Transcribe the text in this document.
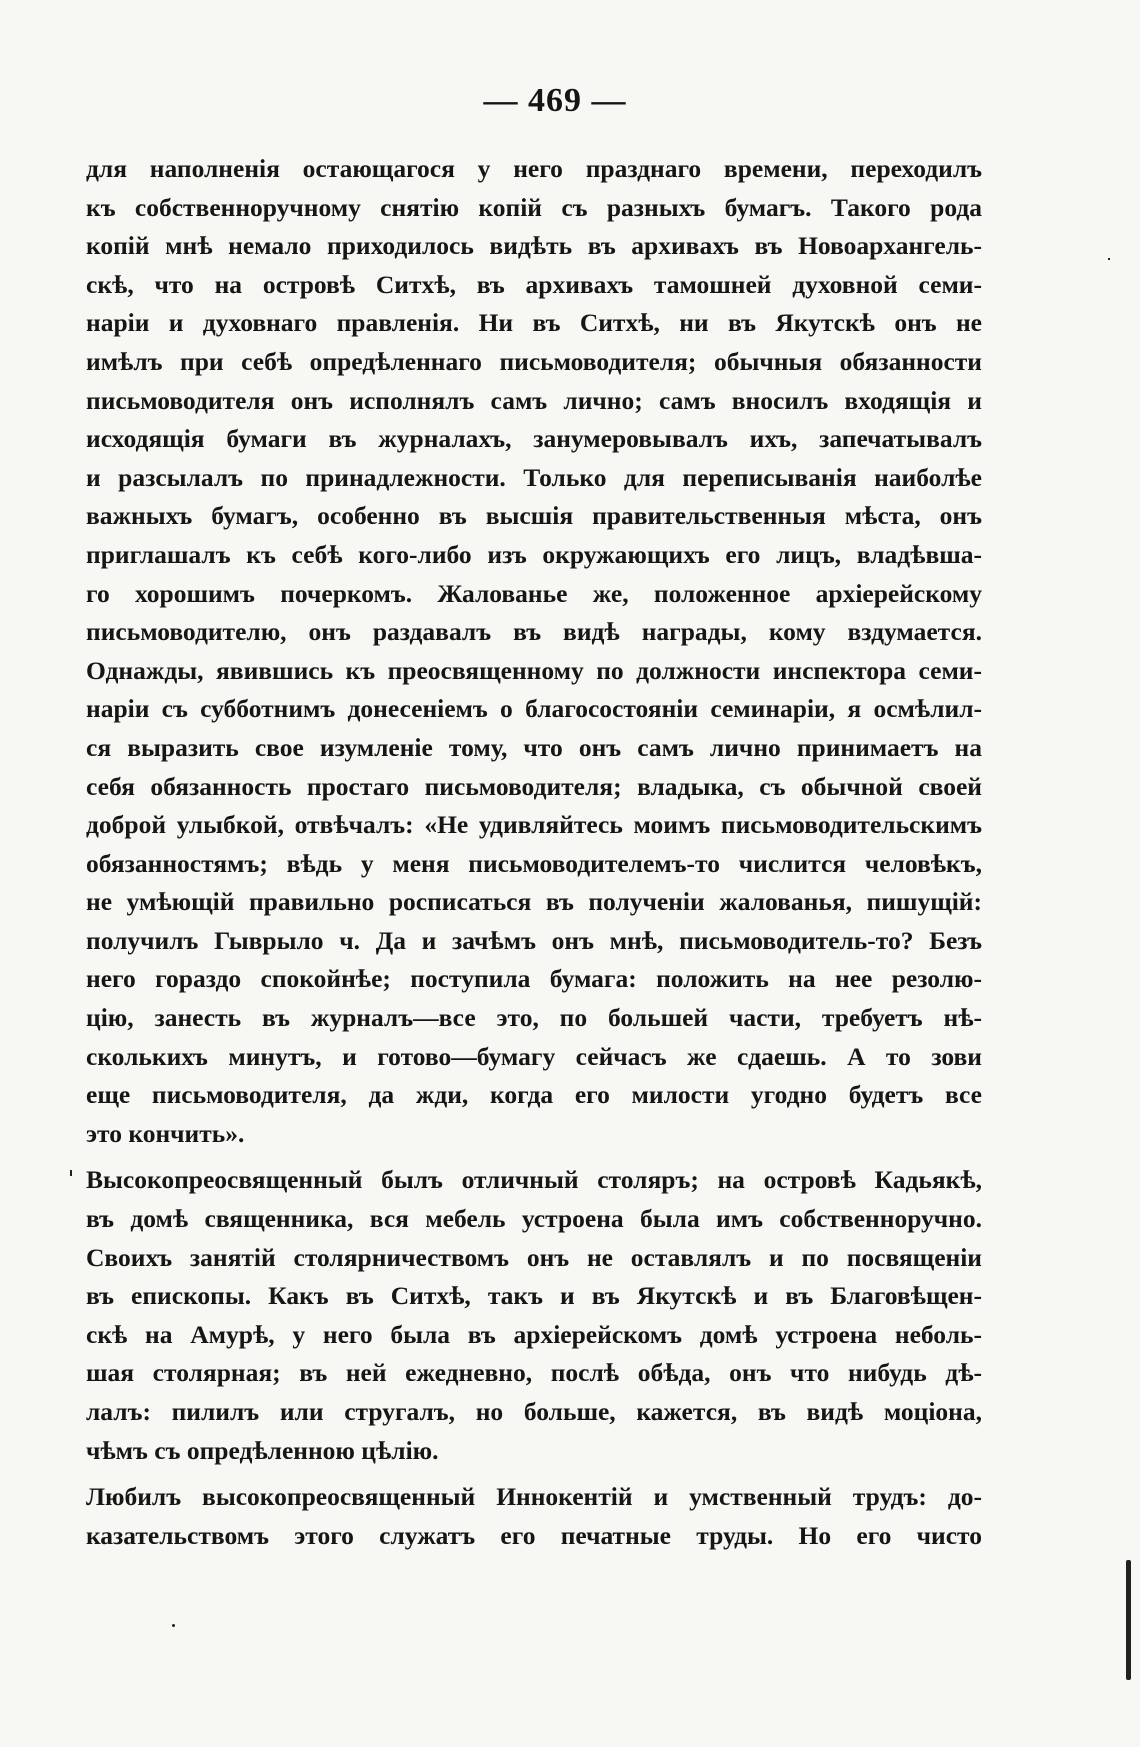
— 469 —
для наполненія остающагося у него празднаго времени, переходилъ
къ собственноручному снятію копій съ разныхъ бумагъ. Такого рода
копій мнѣ немало приходилось видѣть въ архивахъ въ Новоархангель-
скѣ, что на островѣ Ситхѣ, въ архивахъ тамошней духовной семи-
наріи и духовнаго правленія. Ни въ Ситхѣ, ни въ Якутскѣ онъ не
имѣлъ при себѣ опредѣленнаго письмоводителя; обычныя обязанности
письмоводителя онъ исполнялъ самъ лично; самъ вносилъ входящія и
исходящія бумаги въ журналахъ, занумеровывалъ ихъ, запечатывалъ
и разсылалъ по принадлежности. Только для переписыванія наиболѣе
важныхъ бумагъ, особенно въ высшія правительственныя мѣста, онъ
приглашалъ къ себѣ кого-либо изъ окружающихъ его лицъ, владѣвша-
го хорошимъ почеркомъ. Жалованье же, положенное архіерейскому
письмоводителю, онъ раздавалъ въ видѣ награды, кому вздумается.
Однажды, явившись къ преосвященному по должности инспектора семи-
наріи съ субботнимъ донесеніемъ о благосостояніи семинаріи, я осмѣлил-
ся выразить свое изумленіе тому, что онъ самъ лично принимаетъ на
себя обязанность простаго письмоводителя; владыка, съ обычной своей
доброй улыбкой, отвѣчалъ: «Не удивляйтесь моимъ письмоводительскимъ
обязанностямъ; вѣдь у меня письмоводителемъ-то числится человѣкъ,
не умѣющій правильно росписаться въ полученіи жалованья, пишущій:
получилъ Гыврыло ч. Да и зачѣмъ онъ мнѣ, письмоводитель-то? Безъ
него гораздо спокойнѣе; поступила бумага: положить на нее резолю-
цію, занесть въ журналъ—все это, по большей части, требуетъ нѣ-
сколькихъ минутъ, и готово—бумагу сейчасъ же сдаешь. А то зови
еще письмоводителя, да жди, когда его милости угодно будетъ все
это кончить».
Высокопреосвященный былъ отличный столяръ; на островѣ Кадьякѣ,
въ домѣ священника, вся мебель устроена была имъ собственноручно.
Своихъ занятій столярничествомъ онъ не оставлялъ и по посвященіи
въ епископы. Какъ въ Ситхѣ, такъ и въ Якутскѣ и въ Благовѣщен-
скѣ на Амурѣ, у него была въ архіерейскомъ домѣ устроена неболь-
шая столярная; въ ней ежедневно, послѣ обѣда, онъ что нибудь дѣ-
лалъ: пилилъ или стругалъ, но больше, кажется, въ видѣ моціона,
чѣмъ съ опредѣленною цѣлію.
Любилъ высокопреосвященный Иннокентій и умственный трудъ: до-
казательствомъ этого служатъ его печатные труды. Но его чисто
